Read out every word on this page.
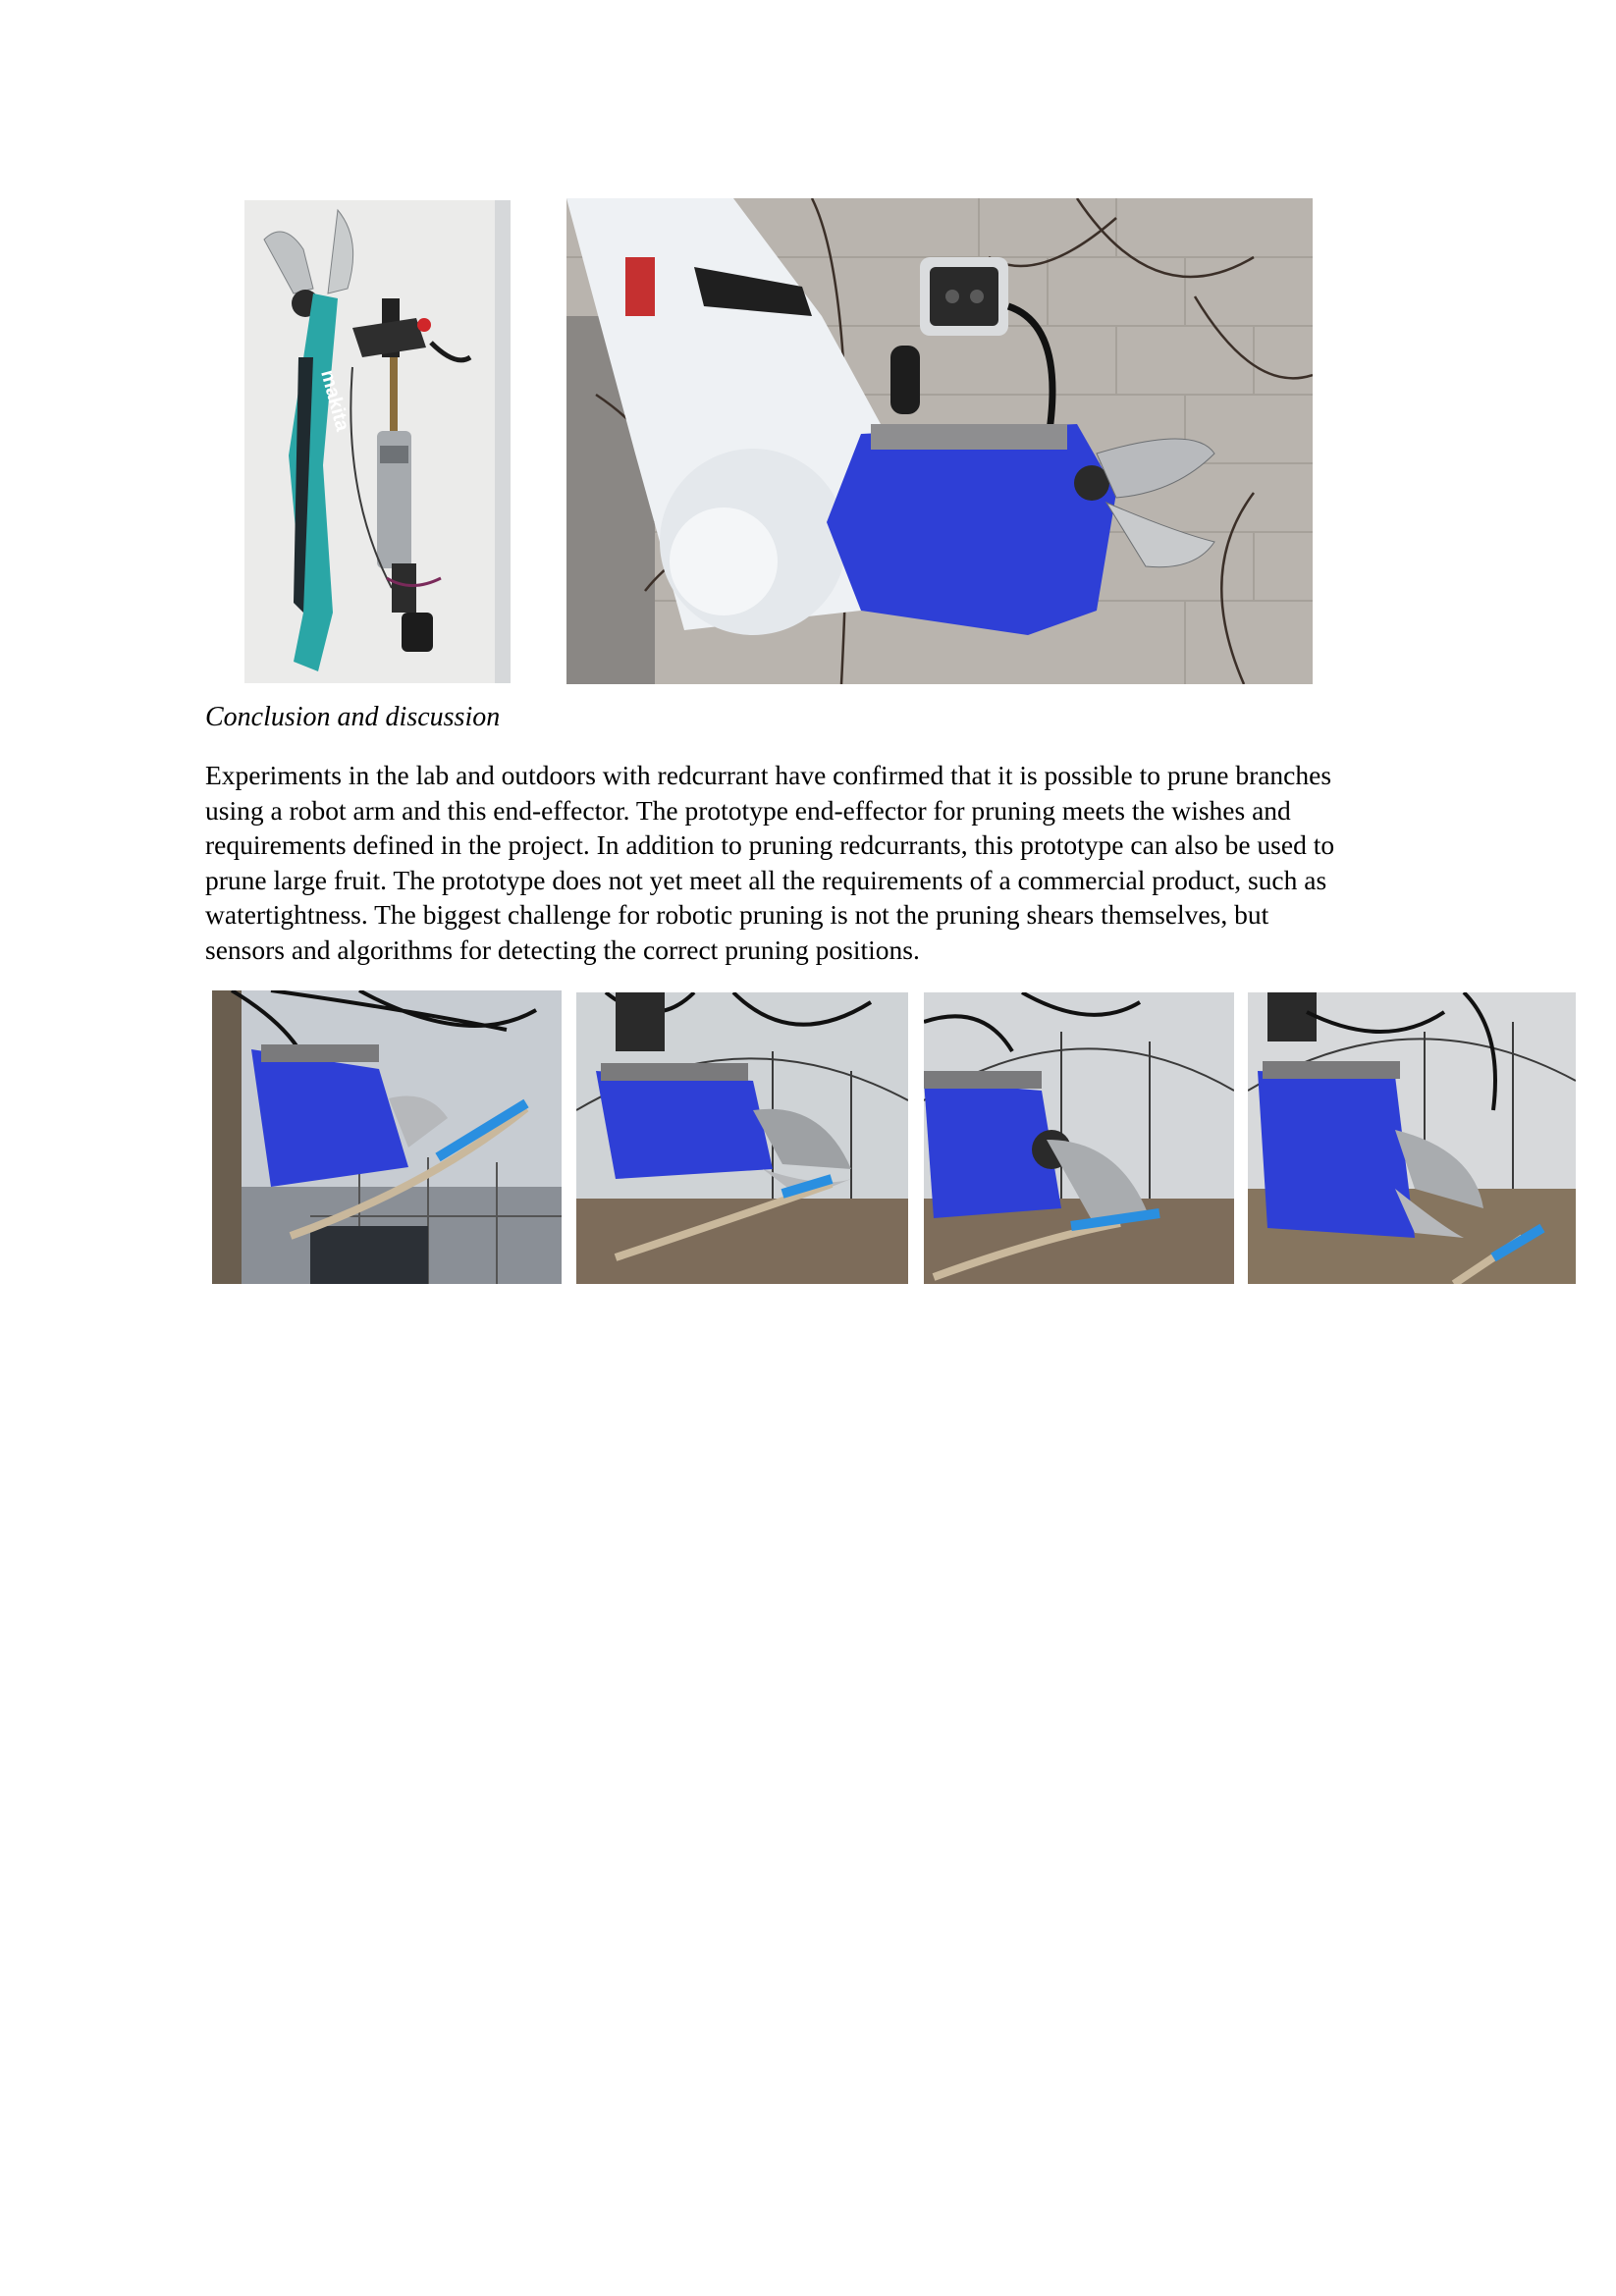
makita
Conclusion and discussion
Experiments in the lab and outdoors with redcurrant have confirmed that it is possible to prune branches
using a robot arm and this end-effector. The prototype end-effector for pruning meets the wishes and
requirements defined in the project. In addition to pruning redcurrants, this prototype can also be used to
prune large fruit. The prototype does not yet meet all the requirements of a commercial product, such as
watertightness. The biggest challenge for robotic pruning is not the pruning shears themselves, but
sensors and algorithms for detecting the correct pruning positions.
